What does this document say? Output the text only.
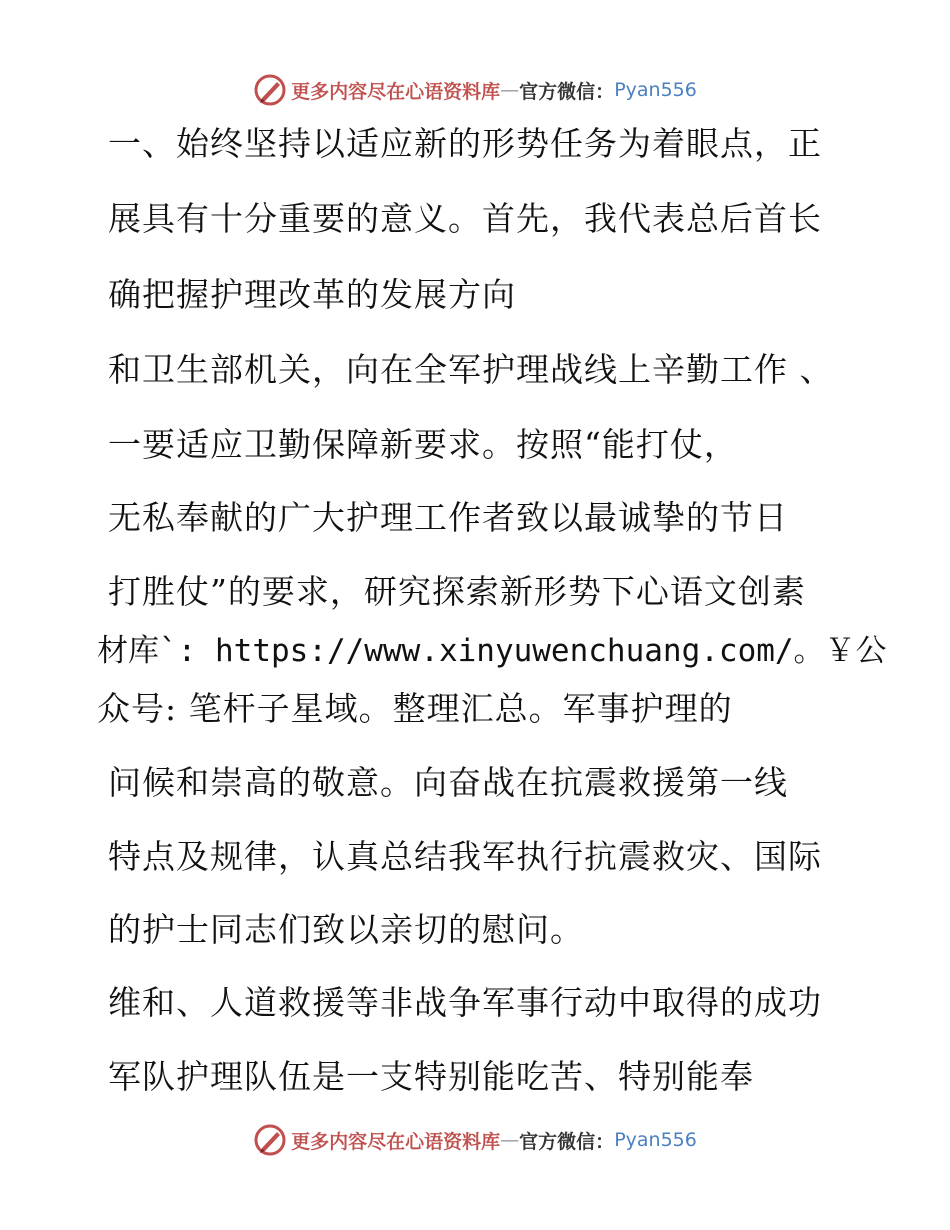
更多内容尽在心语资料库 — 官方微信： Pyan556
一、始终坚持以适应新的形势任务为着眼点，正
展具有十分重要的意义。首先，我代表总后首长
确把握护理改革的发展方向
和卫生部机关，向在全军护理战线上辛勤工作 、
一要适应卫勤保障新要求。按照“能打仗，
无私奉献的广大护理工作者致以最诚挚的节日
打胜仗”的要求，研究探索新形势下心语文创素
材库`: https://www.xinyuwenchuang.com/。￥公
众号: 笔杆子星域。整理汇总。军事护理的
问候和崇高的敬意。向奋战在抗震救援第一线
特点及规律，认真总结我军执行抗震救灾、国际
的护士同志们致以亲切的慰问。
维和、人道救援等非战争军事行动中取得的成功
军队护理队伍是一支特别能吃苦、特别能奉
更多内容尽在心语资料库 — 官方微信： Pyan556
